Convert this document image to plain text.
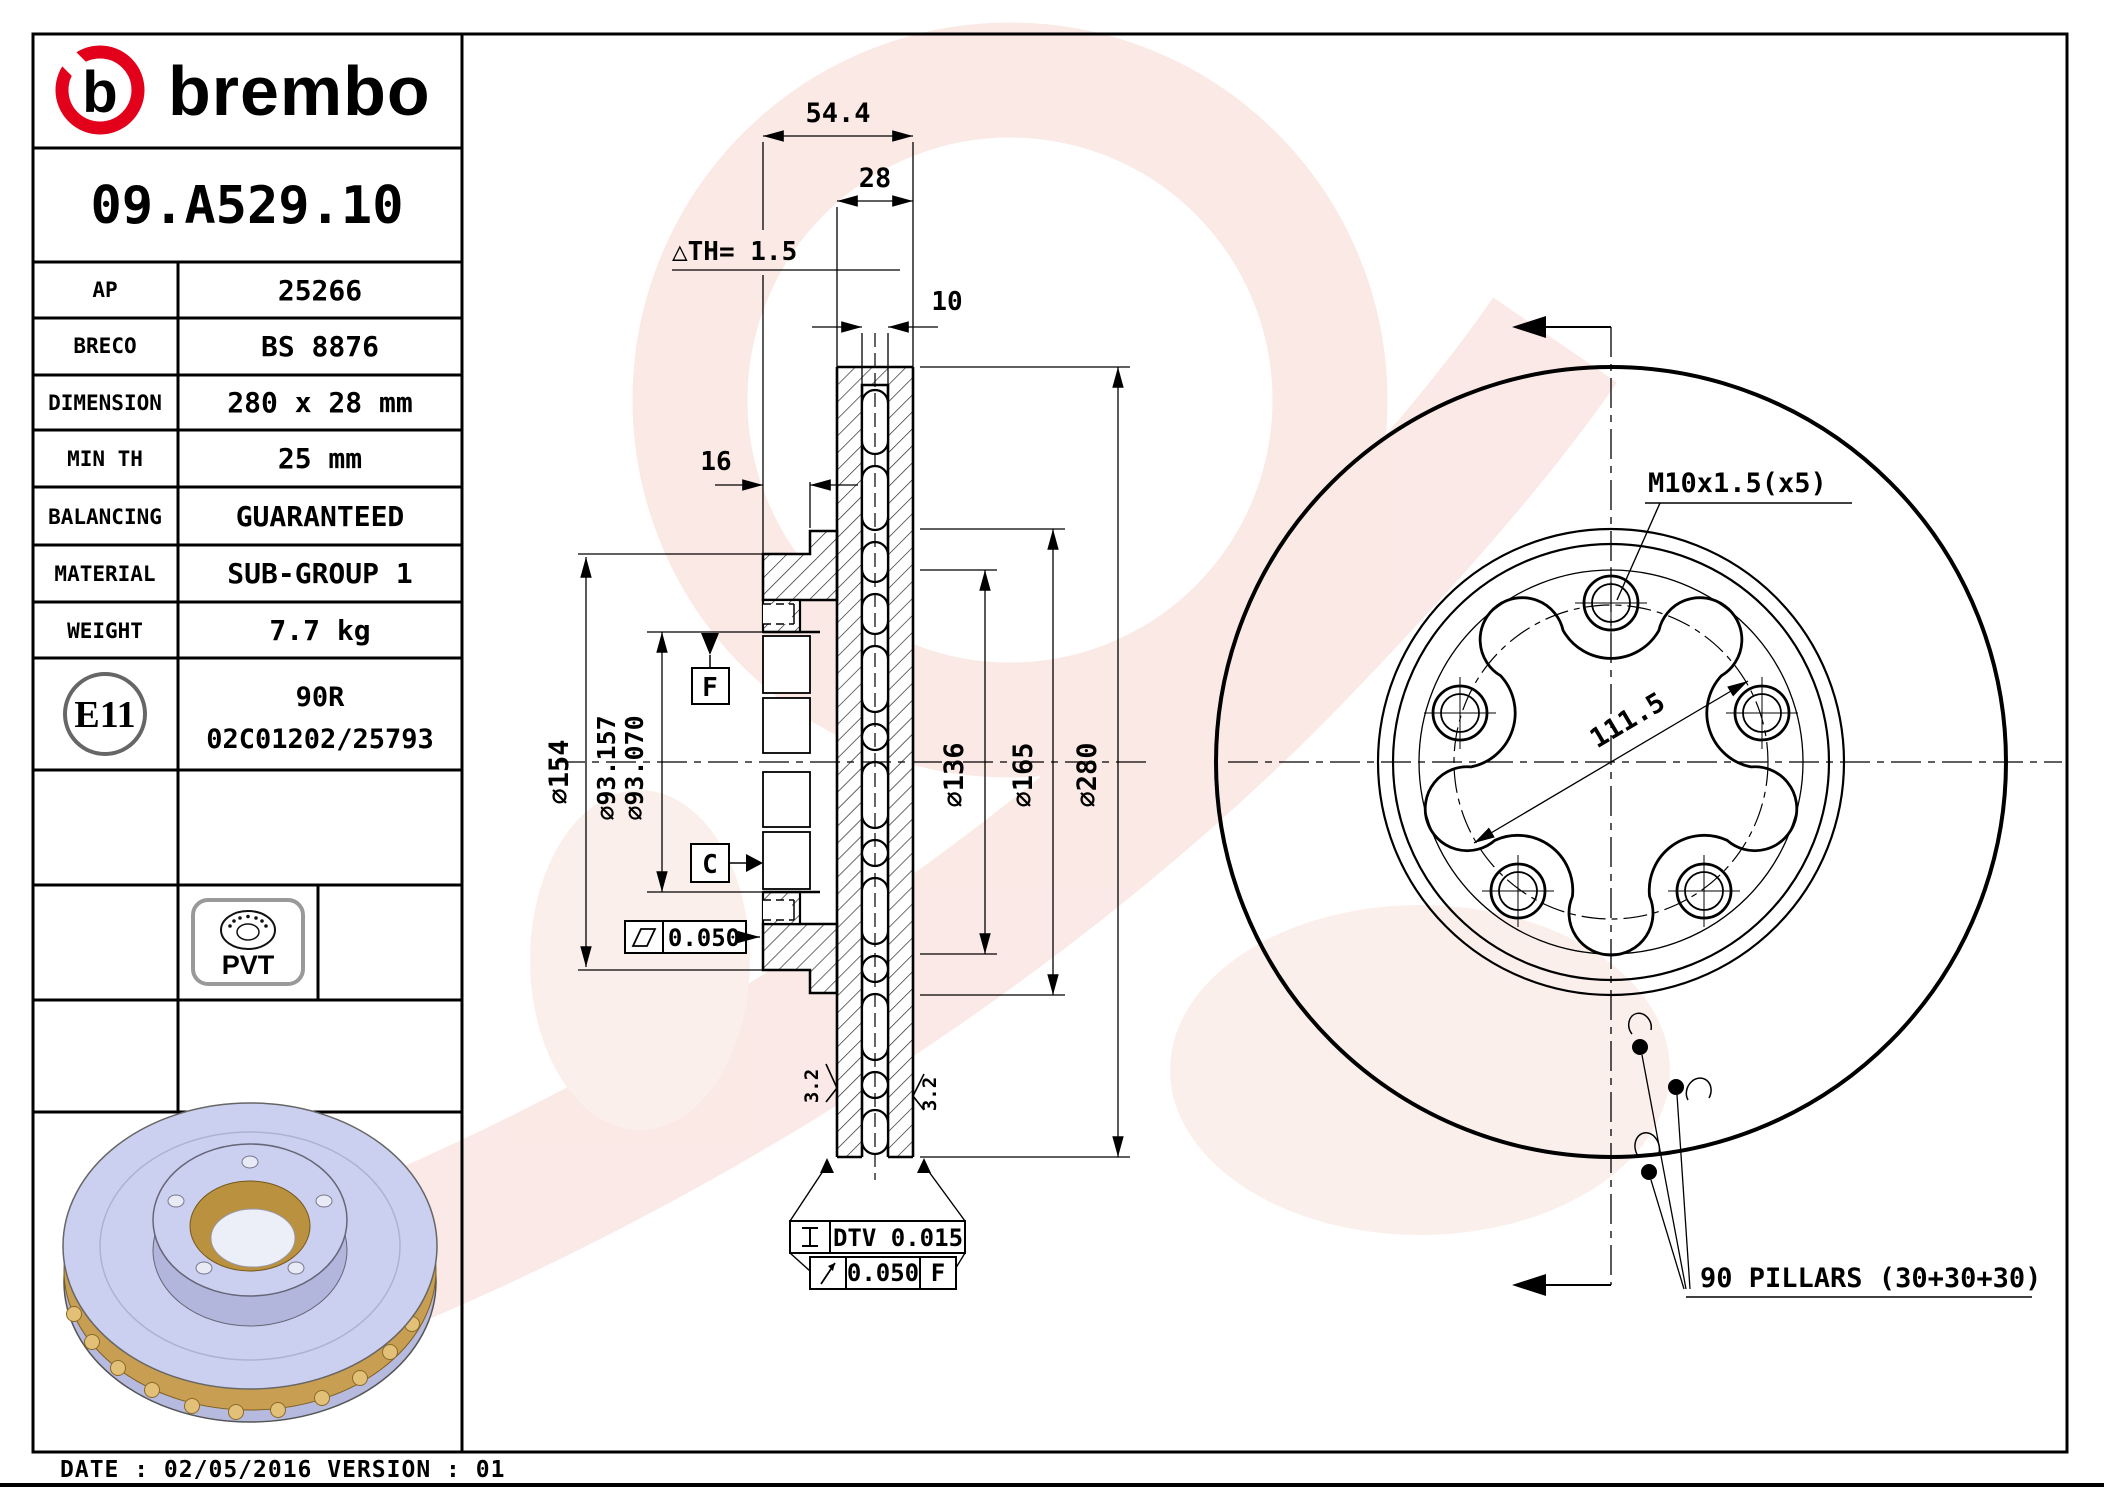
b brembo
09.A529.10
AP	25266
BRECO	BS 8876
DIMENSION 280 x 28 mm
MIN TH	25 mm
BALANCING	GUARANTEED
MATERIAL	SUB-GROUP 1
WEIGHT	7.7 kg
E11	90R
02C01202/25793
PVT
54.4
28
△TH= 1.5
10
16
⌀154 ⌀93.157 ⌀93.070	⌀136 ⌀165 ⌀280
F
C
0.050
3.2	3.2
DTV 0.015
0.050 F
M10x1.5(x5)
111.5
90 PILLARS (30+30+30)
DATE : 02/05/2016 VERSION : 01
